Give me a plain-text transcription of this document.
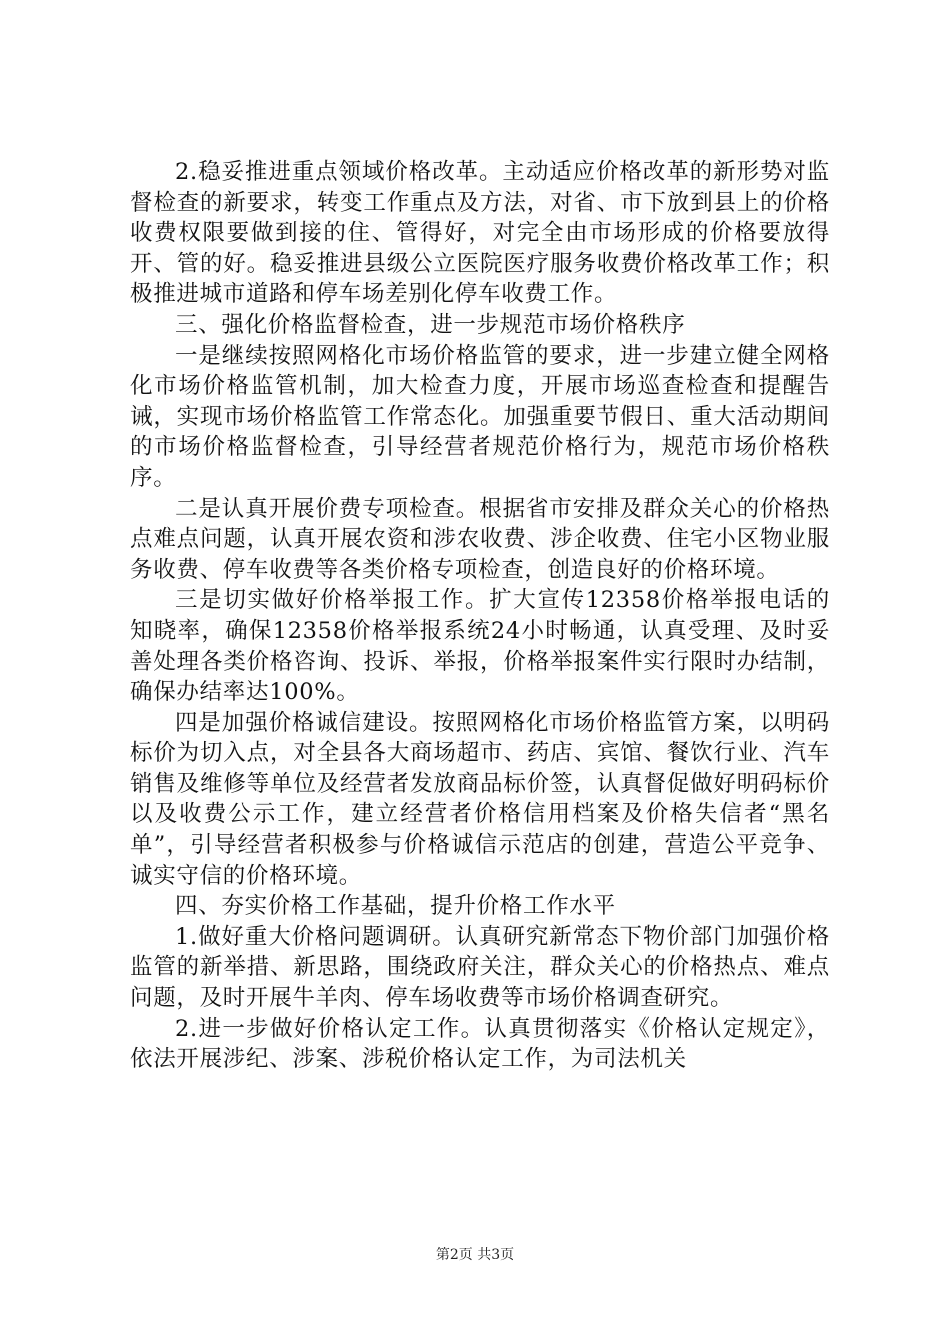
2.稳妥推进重点领域价格改革。主动适应价格改革的新形势对监督检查的新要求，转变工作重点及方法，对省、市下放到县上的价格收费权限要做到接的住、管得好，对完全由市场形成的价格要放得开、管的好。稳妥推进县级公立医院医疗服务收费价格改革工作；积极推进城市道路和停车场差别化停车收费工作。

三、强化价格监督检查，进一步规范市场价格秩序

一是继续按照网格化市场价格监管的要求，进一步建立健全网格化市场价格监管机制，加大检查力度，开展市场巡查检查和提醒告诫，实现市场价格监管工作常态化。加强重要节假日、重大活动期间的市场价格监督检查，引导经营者规范价格行为，规范市场价格秩序。

二是认真开展价费专项检查。根据省市安排及群众关心的价格热点难点问题，认真开展农资和涉农收费、涉企收费、住宅小区物业服务收费、停车收费等各类价格专项检查，创造良好的价格环境。

三是切实做好价格举报工作。扩大宣传12358价格举报电话的知晓率，确保12358价格举报系统24小时畅通，认真受理、及时妥善处理各类价格咨询、投诉、举报，价格举报案件实行限时办结制，确保办结率达100%。

四是加强价格诚信建设。按照网格化市场价格监管方案，以明码标价为切入点，对全县各大商场超市、药店、宾馆、餐饮行业、汽车销售及维修等单位及经营者发放商品标价签，认真督促做好明码标价以及收费公示工作，建立经营者价格信用档案及价格失信者“黑名单”，引导经营者积极参与价格诚信示范店的创建，营造公平竞争、诚实守信的价格环境。

四、夯实价格工作基础，提升价格工作水平

1.做好重大价格问题调研。认真研究新常态下物价部门加强价格监管的新举措、新思路，围绕政府关注，群众关心的价格热点、难点问题，及时开展牛羊肉、停车场收费等市场价格调查研究。

2.进一步做好价格认定工作。认真贯彻落实《价格认定规定》，依法开展涉纪、涉案、涉税价格认定工作，为司法机关

第2页 共3页
